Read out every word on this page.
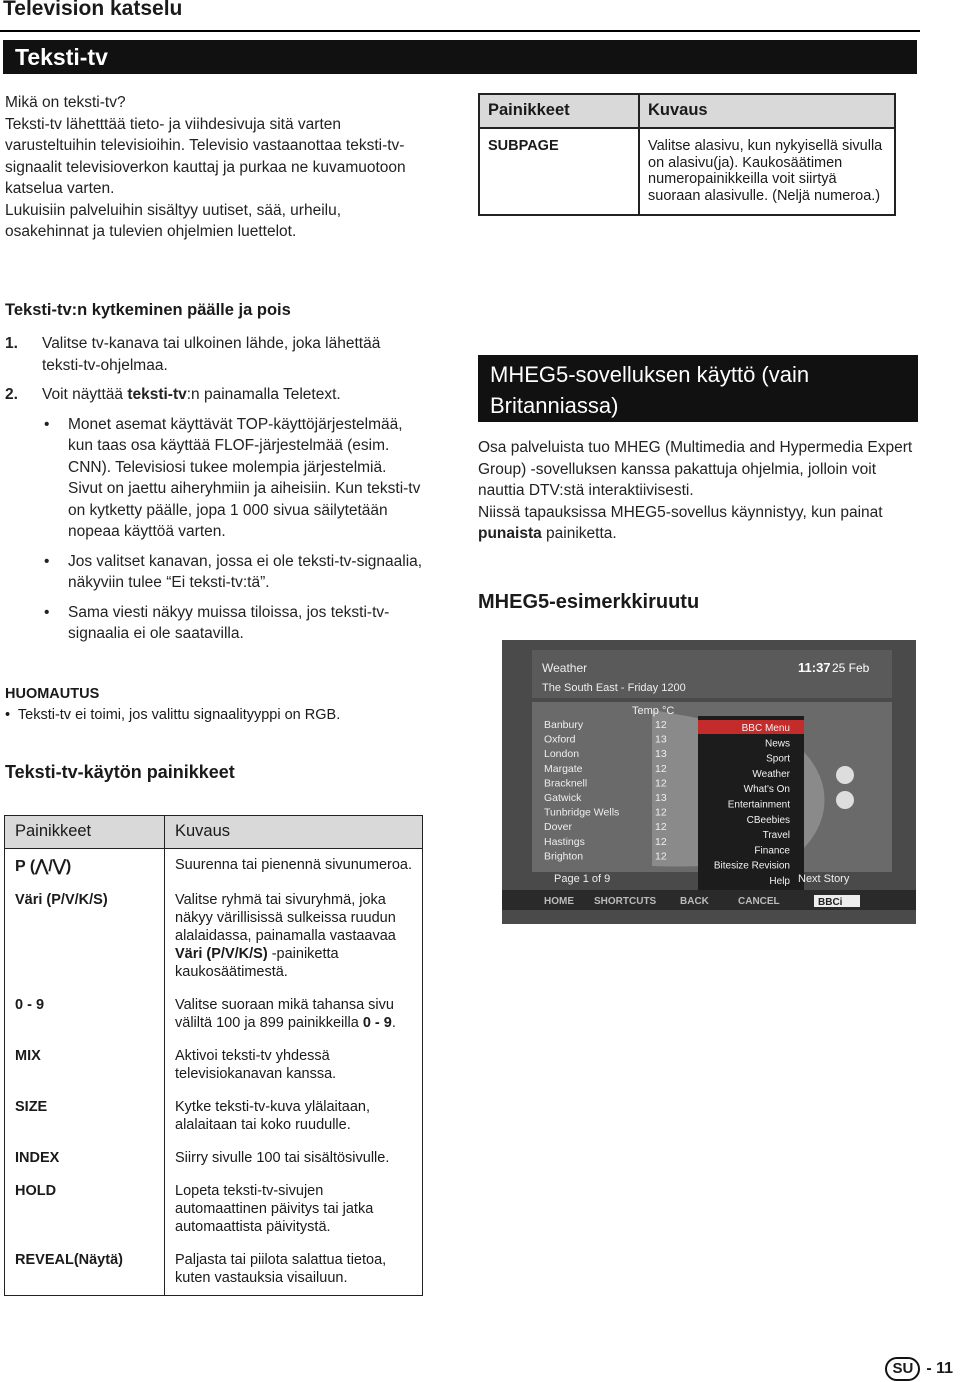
Television katselu
Teksti-tv

Mikä on teksti-tv?

Teksti-tv lähetttää tieto- ja viihdesivuja sitä varten varusteltuihin televisioihin. Televisio vastaanottaa teksti-tv-signaalit televisioverkon kauttaj ja purkaa ne kuvamuotoon katselua varten.

Lukuisiin palveluihin sisältyy uutiset, sää, urheilu, osakehinnat ja tulevien ohjelmien luettelot.

Painikkeet	Kuvaus
SUBPAGE	Valitse alasivu, kun nykyisellä sivulla on alasivu(ja). Kaukosäätimen numeropainikkeilla voit siirtyä suoraan alasivulle. (Neljä numeroa.)
Teksti-tv:n kytkeminen päälle ja pois
1. Valitse tv-kanava tai ulkoinen lähde, joka lähettää teksti-tv-ohjelmaa.
2. Voit näyttää teksti-tv:n painamalla Teletext.
• Monet asemat käyttävät TOP-käyttöjärjestelmää, kun taas osa käyttää FLOF-järjestelmää (esim. CNN). Televisiosi tukee molempia järjestelmiä. Sivut on jaettu aiheryhmiin ja aiheisiin. Kun teksti-tv on kytketty päälle, jopa 1 000 sivua säilytetään nopeaa käyttöä varten.
• Jos valitset kanavan, jossa ei ole teksti-tv-signaalia, näkyviin tulee “Ei teksti-tv:tä”.
• Sama viesti näkyy muissa tiloissa, jos teksti-tv-signaalia ei ole saatavilla.
HUOMAUTUS
• Teksti-tv ei toimi, jos valittu signaalityyppi on RGB.
Teksti-tv-käytön painikkeet
Painikkeet	Kuvaus
P (⋀/⋁)	Suurenna tai pienennä sivunumeroa.
Väri (P/V/K/S)	Valitse ryhmä tai sivuryhmä, joka näkyy värillisissä sulkeissa ruudun alalaidassa, painamalla vastaavaa Väri (P/V/K/S) -painiketta kaukosäätimestä.
0 - 9	Valitse suoraan mikä tahansa sivu väliltä 100 ja 899 painikkeilla 0 - 9.
MIX	Aktivoi teksti-tv yhdessä televisiokanavan kanssa.
SIZE	Kytke teksti-tv-kuva ylälaitaan, alalaitaan tai koko ruudulle.
INDEX	Siirry sivulle 100 tai sisältösivulle.
HOLD	Lopeta teksti-tv-sivujen automaattinen päivitys tai jatka automaattista päivitystä.
REVEAL(Näytä)	Paljasta tai piilota salattua tietoa, kuten vastauksia visailuun.
MHEG5-sovelluksen käyttö (vain Britanniassa)

Osa palveluista tuo MHEG (Multimedia and Hypermedia Expert Group) -sovelluksen kanssa pakattuja ohjelmia, jolloin voit nauttia DTV:stä interaktiivisesti.

Niissä tapauksissa MHEG5-sovellus käynnistyy, kun painat punaista painiketta.

MHEG5-esimerkkiruutu
Weather	11:37 25 Feb
The South East - Friday 1200
Temp °C
Banbury	12
Oxford	13
London	13
Margate	12
Bracknell	12
Gatwick	13
Tunbridge Wells	12
Dover	12
Hastings	12
Brighton	12
BBC Menu
News
Sport
Weather
What's On
Entertainment
CBeebies
Travel
Finance
Bitesize Revision
Help
Page 1 of 9	Next Story
HOME SHORTCUTS BACK	CANCEL	BBCi
SU - 11
